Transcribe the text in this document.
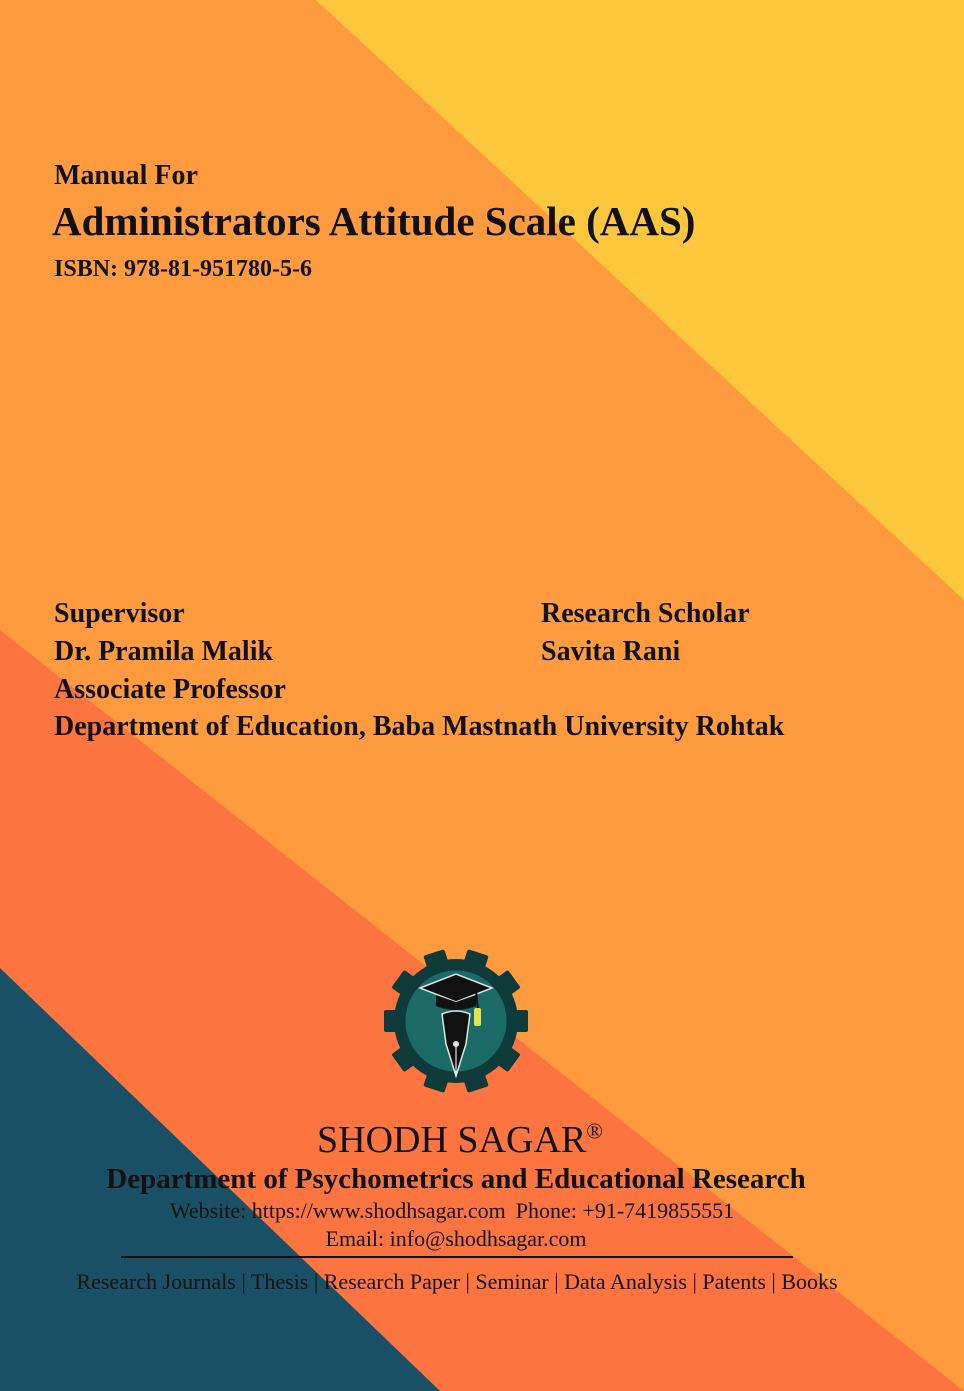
Manual For
Administrators Attitude Scale (AAS)
ISBN: 978-81-951780-5-6
Supervisor
Dr. Pramila Malik
Associate Professor
Department of Education, Baba Mastnath University Rohtak
Research Scholar
Savita Rani
SHODH SAGAR®
Department of Psychometrics and Educational Research
Website: https://www.shodhsagar.com Phone: +91-7419855551
Email: info@shodhsagar.com
Research Journals | Thesis | Research Paper | Seminar | Data Analysis | Patents | Books
